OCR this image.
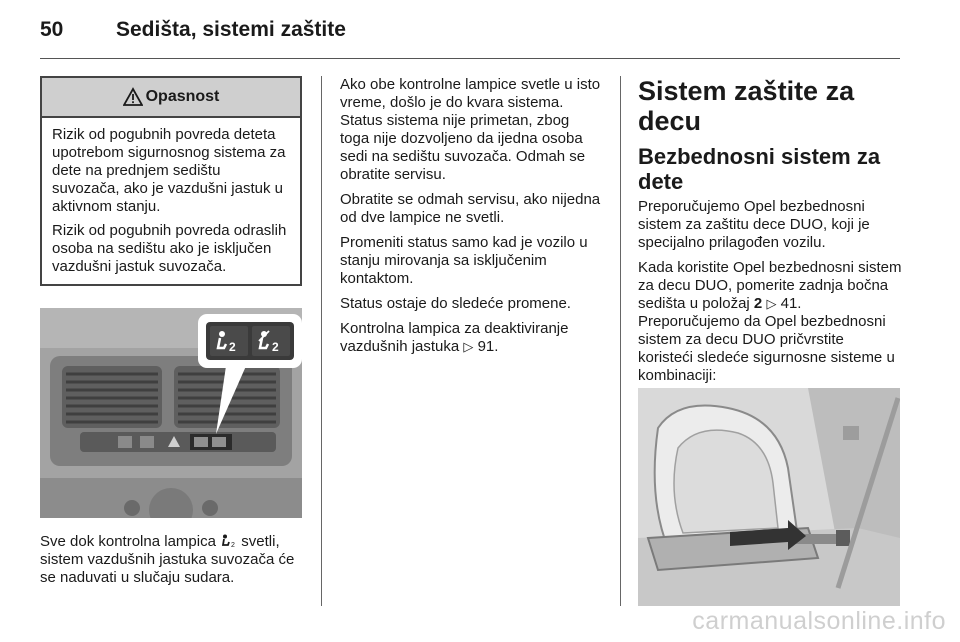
50	Sedišta, sistemi zaštite
Opasnost

Rizik od pogubnih povreda deteta upotrebom sigurnosnog sistema za dete na prednjem sedištu suvozača, ako je vazdušni jastuk u aktivnom stanju.

Rizik od pogubnih povreda odraslih osoba na sedištu ako je isključen vazdušni jastuk suvozača.

2	2
Sve dok kontrolna lampica 2 svetli, sistem vazdušnih jastuka suvozača će se naduvati u slučaju sudara.

Ako obe kontrolne lampice svetle u isto vreme, došlo je do kvara sistema. Status sistema nije primetan, zbog toga nije dozvoljeno da ijedna osoba sedi na sedištu suvozača. Odmah se obratite servisu.

Obratite se odmah servisu, ako nijedna od dve lampice ne svetli.

Promeniti status samo kad je vozilo u stanju mirovanja sa isključenim kontaktom.

Status ostaje do sledeće promene.

Kontrolna lampica za deaktiviranje vazdušnih jastuka ▷ 91.

Sistem zaštite za decu
Bezbednosni sistem za dete

Preporučujemo Opel bezbednosni sistem za zaštitu dece DUO, koji je specijalno prilagođen vozilu.

Kada koristite Opel bezbednosni sistem za decu DUO, pomerite zadnja bočna sedišta u položaj 2 ▷ 41.

Preporučujemo da Opel bezbednosni sistem za decu DUO pričvrstite koristeći sledeće sigurnosne sisteme u kombinaciji:

carmanualsonline.info
